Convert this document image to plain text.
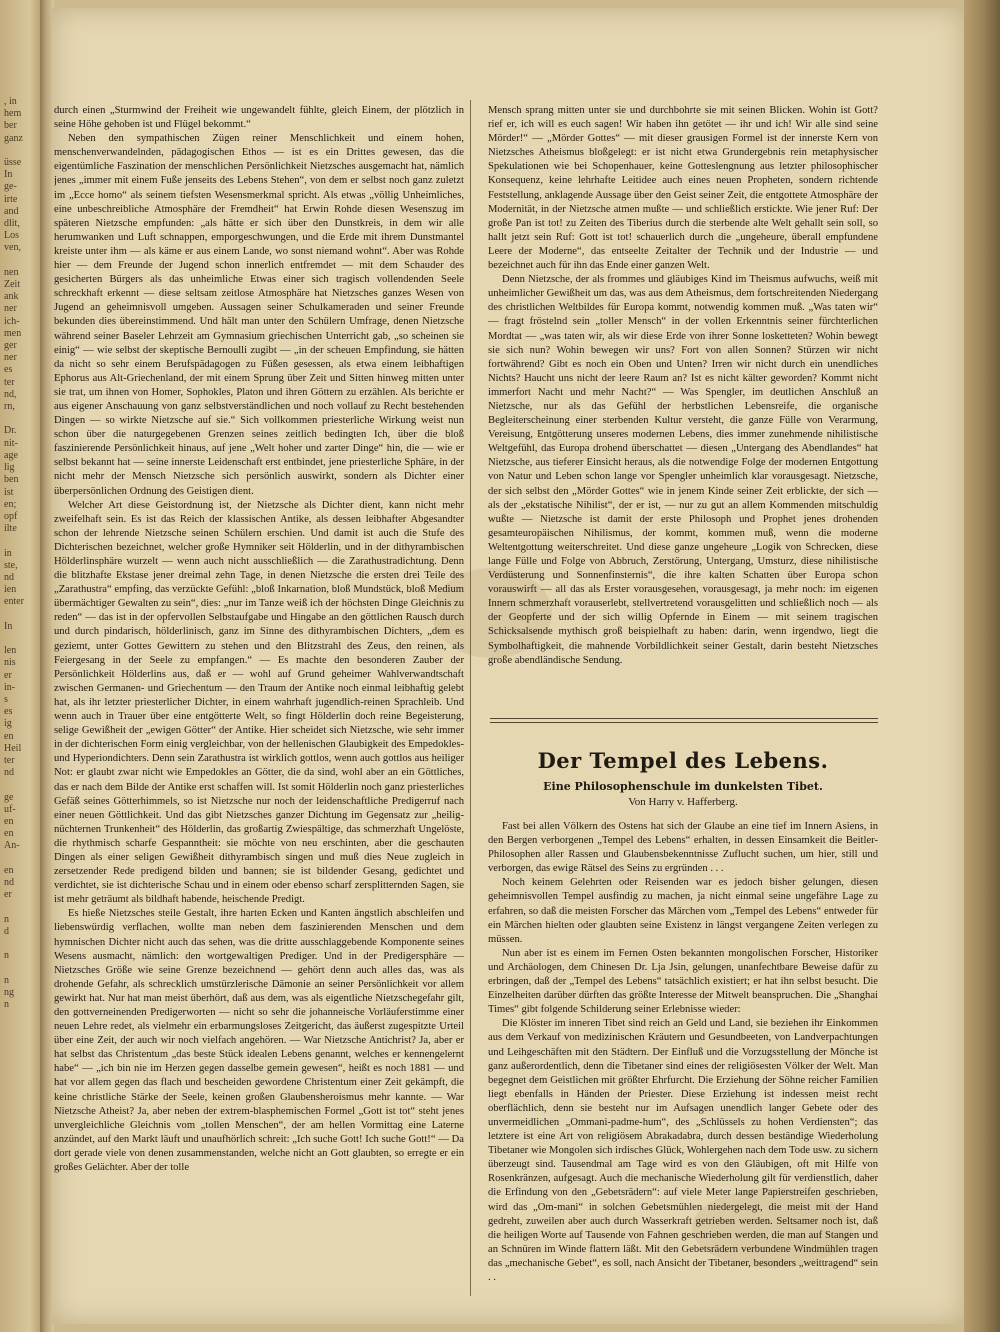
, in
hem
ber
ganz

üsse
In
ge-
irte
and
dlit,
Los
ven,

nen
Zeit
ank
ner
ich-
men
ger
ner
es
ter
nd,
rn,

Dr.
nit-
age
lig
ben
ist
en;
opf
ilte

in
ste,
nd
ien
enter

In

len
nis
er
in-
s
es
ig
en
Heil
ter
nd

ge
uf-
en
en
An-

en
nd
er

n
d

n

n
ng
n

durch einen „Sturmwind der Freiheit wie ungewandelt fühlte, gleich Einem, der plötzlich in seine Höhe gehoben ist und Flügel bekommt.“

Neben den sympathischen Zügen reiner Menschlichkeit und einem hohen, menschenverwandelnden, pädagogischen Ethos — ist es ein Drittes gewesen, das die eigentümliche Faszination der menschlichen Persönlichkeit Nietzsches ausgemacht hat, nämlich jenes „immer mit einem Fuße jenseits des Lebens Stehen“, von dem er selbst noch ganz zuletzt im „Ecce homo“ als seinem tiefsten Wesensmerkmal spricht. Als etwas „völlig Unheimliches, eine unbeschreibliche Atmosphäre der Fremdheit“ hat Erwin Rohde diesen Wesenszug im späteren Nietzsche empfunden: „als hätte er sich über den Dunstkreis, in dem wir alle herumwanken und Luft schnappen, emporgeschwungen, und die Erde mit ihrem Dunstmantel kreiste unter ihm — als käme er aus einem Lande, wo sonst niemand wohnt“. Aber was Rohde hier — dem Freunde der Jugend schon innerlich entfremdet — mit dem Schauder des gesicherten Bürgers als das unheimliche Etwas einer sich tragisch vollendenden Seele schreckhaft erkennt — diese seltsam zeitlose Atmosphäre hat Nietzsches ganzes Wesen von Jugend an geheimnisvoll umgeben. Aussagen seiner Schulkameraden und seiner Freunde bekunden dies übereinstimmend. Und hält man unter den Schülern Umfrage, denen Nietzsche während seiner Baseler Lehrzeit am Gymnasium griechischen Unterricht gab, „so scheinen sie einig“ — wie selbst der skeptische Bernoulli zugibt — „in der scheuen Empfindung, sie hätten da nicht so sehr einem Berufspädagogen zu Füßen gesessen, als etwa einem leibhaftigen Ephorus aus Alt-Griechenland, der mit einem Sprung über Zeit und Sitten hinweg mitten unter sie trat, um ihnen von Homer, Sophokles, Platon und ihren Göttern zu erzählen. Als berichte er aus eigener Anschauung von ganz selbstverständlichen und noch vollauf zu Recht bestehenden Dingen — so wirkte Nietzsche auf sie.“ Sich vollkommen priesterliche Wirkung weist nun schon über die naturgegebenen Grenzen seines zeitlich bedingten Ich, über die bloß faszinierende Persönlichkeit hinaus, auf jene „Welt hoher und zarter Dinge“ hin, die — wie er selbst bekannt hat — seine innerste Leidenschaft erst entbindet, jene priesterliche Sphäre, in der nicht mehr der Mensch Nietzsche sich persönlich auswirkt, sondern als Dichter einer überpersönlichen Ordnung des Geistigen dient.

Welcher Art diese Geistordnung ist, der Nietzsche als Dichter dient, kann nicht mehr zweifelhaft sein. Es ist das Reich der klassischen Antike, als dessen leibhafter Abgesandter schon der lehrende Nietzsche seinen Schülern erschien. Und damit ist auch die Stufe des Dichterischen bezeichnet, welcher große Hymniker seit Hölderlin, und in der dithyrambischen Hölderlinsphäre wurzelt — wenn auch nicht ausschließlich — die Zarathustradichtung. Denn die blitzhafte Ekstase jener dreimal zehn Tage, in denen Nietzsche die ersten drei Teile des „Zarathustra“ empfing, das verzückte Gefühl: „bloß Inkarnation, bloß Mundstück, bloß Medium übermächtiger Gewalten zu sein“, dies: „nur im Tanze weiß ich der höchsten Dinge Gleichnis zu reden“ — das ist in der opfervollen Selbstaufgabe und Hingabe an den göttlichen Rausch durch und durch pindarisch, hölderlinisch, ganz im Sinne des dithyrambischen Dichters, „dem es geziemt, unter Gottes Gewittern zu stehen und den Blitzstrahl des Zeus, den reinen, als Feiergesang in der Seele zu empfangen.“ — Es machte den besonderen Zauber der Persönlichkeit Hölderlins aus, daß er — wohl auf Grund geheimer Wahlverwandtschaft zwischen Germanen- und Griechentum — den Traum der Antike noch einmal leibhaftig gelebt hat, als ihr letzter priesterlicher Dichter, in einem wahrhaft jugendlich-reinen Sprachleib. Und wenn auch in Trauer über eine entgötterte Welt, so fingt Hölderlin doch reine Begeisterung, selige Gewißheit der „ewigen Götter“ der Antike. Hier scheidet sich Nietzsche, wie sehr immer in der dichterischen Form einig vergleichbar, von der hellenischen Glaubigkeit des Empedokles- und Hyperiondichters. Denn sein Zarathustra ist wirklich gottlos, wenn auch gottlos aus heiliger Not: er glaubt zwar nicht wie Empedokles an Götter, die da sind, wohl aber an ein Göttliches, das er nach dem Bilde der Antike erst schaffen will. Ist somit Hölderlin noch ganz priesterliches Gefäß seines Götterhimmels, so ist Nietzsche nur noch der leidenschaftliche Predigerruf nach einer neuen Göttlichkeit. Und das gibt Nietzsches ganzer Dichtung im Gegensatz zur „heilig-nüchternen Trunkenheit“ des Hölderlin, das großartig Zwiespältige, das schmerzhaft Ungelöste, die rhythmisch scharfe Gespanntheit: sie möchte von neu erschinten, aber die geschauten Dingen als einer seligen Gewißheit dithyrambisch singen und muß dies Neue zugleich in zersetzender Rede predigend bilden und bannen; sie ist bildender Gesang, gedichtet und verdichtet, sie ist dichterische Schau und in einem oder ebenso scharf zersplitternden Sagen, sie ist mehr geträumt als bildhaft habende, heischende Predigt.

Es hieße Nietzsches steile Gestalt, ihre harten Ecken und Kanten ängstlich abschleifen und liebenswürdig verflachen, wollte man neben dem faszinierenden Menschen und dem hymnischen Dichter nicht auch das sehen, was die dritte ausschlaggebende Komponente seines Wesens ausmacht, nämlich: den wortgewaltigen Prediger. Und in der Predigersphäre — Nietzsches Größe wie seine Grenze bezeichnend — gehört denn auch alles das, was als drohende Gefahr, als schrecklich umstürzlerische Dämonie an seiner Persönlichkeit vor allem gewirkt hat. Nur hat man meist überhört, daß aus dem, was als eigentliche Nietzschegefahr gilt, den gottverneinenden Predigerworten — nicht so sehr die johanneische Vorläuferstimme einer neuen Lehre redet, als vielmehr ein erbarmungsloses Zeitgericht, das äußerst zugespitzte Urteil über eine Zeit, der auch wir noch vielfach angehören. — War Nietzsche Antichrist? Ja, aber er hat selbst das Christentum „das beste Stück idealen Lebens genannt, welches er kennengelernt habe“ — „ich bin nie im Herzen gegen dasselbe gemein gewesen“, heißt es noch 1881 — und hat vor allem gegen das flach und bescheiden gewordene Christentum einer Zeit gekämpft, die keine christliche Stärke der Seele, keinen großen Glaubensheroismus mehr kannte. — War Nietzsche Atheist? Ja, aber neben der extrem-blasphemischen Formel „Gott ist tot“ steht jenes unvergleichliche Gleichnis vom „tollen Menschen“, der am hellen Vormittag eine Laterne anzündet, auf den Markt läuft und unaufhörlich schreit: „Ich suche Gott! Ich suche Gott!“ — Da dort gerade viele von denen zusammenstanden, welche nicht an Gott glaubten, so erregte er ein großes Gelächter. Aber der tolle

Mensch sprang mitten unter sie und durchbohrte sie mit seinen Blicken. Wohin ist Gott? rief er, ich will es euch sagen! Wir haben ihn getötet — ihr und ich! Wir alle sind seine Mörder!“ — „Mörder Gottes“ — mit dieser grausigen Formel ist der innerste Kern von Nietzsches Atheismus bloßgelegt: er ist nicht etwa Grundergebnis rein metaphysischer Spekulationen wie bei Schopenhauer, keine Gotteslengnung aus letzter philosophischer Konsequenz, keine lehrhafte Leitidee auch eines neuen Propheten, sondern richtende Feststellung, anklagende Aussage über den Geist seiner Zeit, die entgottete Atmosphäre der Modernität, in der Nietzsche atmen mußte — und schließlich erstickte. Wie jener Ruf: Der große Pan ist tot! zu Zeiten des Tiberius durch die sterbende alte Welt gehallt sein soll, so hallt jetzt sein Ruf: Gott ist tot! schauerlich durch die „ungeheure, überall empfundene Leere der Moderne“, das entseelte Zeitalter der Technik und der Industrie — und bezeichnet auch für ihn das Ende einer ganzen Welt.

Denn Nietzsche, der als frommes und gläubiges Kind im Theismus aufwuchs, weiß mit unheimlicher Gewißheit um das, was aus dem Atheismus, dem fortschreitenden Niedergang des christlichen Weltbildes für Europa kommt, notwendig kommen muß. „Was taten wir“ — fragt fröstelnd sein „toller Mensch“ in der vollen Erkenntnis seiner fürchterlichen Mordtat — „was taten wir, als wir diese Erde von ihrer Sonne losketteten? Wohin bewegt sie sich nun? Wohin bewegen wir uns? Fort von allen Sonnen? Stürzen wir nicht fortwährend? Gibt es noch ein Oben und Unten? Irren wir nicht durch ein unendliches Nichts? Haucht uns nicht der leere Raum an? Ist es nicht kälter geworden? Kommt nicht immerfort Nacht und mehr Nacht?“ — Was Spengler, im deutlichen Anschluß an Nietzsche, nur als das Gefühl der herbstlichen Lebensreife, die organische Begleiterscheinung einer sterbenden Kultur versteht, die ganze Fülle von Verarmung, Vereisung, Entgötterung unseres modernen Lebens, dies immer zunehmende nihilistische Weltgefühl, das Europa drohend überschattet — diesen „Untergang des Abendlandes“ hat Nietzsche, aus tieferer Einsicht heraus, als die notwendige Folge der modernen Entgottung von Natur und Leben schon lange vor Spengler unheimlich klar vorausgesagt. Nietzsche, der sich selbst den „Mörder Gottes“ wie in jenem Kinde seiner Zeit erblickte, der sich — als der „ekstatische Nihilist“, der er ist, — nur zu gut an allem Kommenden mitschuldig wußte — Nietzsche ist damit der erste Philosoph und Prophet jenes drohenden gesamteuropäischen Nihilismus, der kommt, kommen muß, wenn die moderne Weltentgottung weiterschreitet. Und diese ganze ungeheure „Logik von Schrecken, diese lange Fülle und Folge von Abbruch, Zerstörung, Untergang, Umsturz, diese nihilistische Verdüsterung und Sonnenfinsternis“, die ihre kalten Schatten über Europa schon vorauswirft — all das als Erster vorausgesehen, vorausgesagt, ja mehr noch: im eigenen Innern schmerzhaft vorauserlebt, stellvertretend vorausgelitten und schließlich noch — als der Geopferte und der sich willig Opfernde in Einem — mit seinem tragischen Schicksalsende mythisch groß beispielhaft zu haben: darin, wenn irgendwo, liegt die Symbolhaftigkeit, die mahnende Vorbildlichkeit seiner Gestalt, darin besteht Nietzsches große abendländische Sendung.

Der Tempel des Lebens.
Eine Philosophenschule im dunkelsten Tibet.
Von Harry v. Hafferberg.

Fast bei allen Völkern des Ostens hat sich der Glaube an eine tief im Innern Asiens, in den Bergen verborgenen „Tempel des Lebens“ erhalten, in dessen Einsamkeit die Beitler-Philosophen aller Rassen und Glaubensbekenntnisse Zuflucht suchen, um hier, still und verborgen, das ewige Rätsel des Seins zu ergründen . . .

Noch keinem Gelehrten oder Reisenden war es jedoch bisher gelungen, diesen geheimnisvollen Tempel ausfindig zu machen, ja nicht einmal seine ungefähre Lage zu erfahren, so daß die meisten Forscher das Märchen vom „Tempel des Lebens“ entweder für ein Märchen hielten oder glaubten seine Existenz in längst vergangene Zeiten verlegen zu müssen.

Nun aber ist es einem im Fernen Osten bekannten mongolischen Forscher, Historiker und Archäologen, dem Chinesen Dr. Lja Jsin, gelungen, unanfechtbare Beweise dafür zu erbringen, daß der „Tempel des Lebens“ tatsächlich existiert; er hat ihn selbst besucht. Die Einzelheiten darüber dürften das größte Interesse der Mitwelt beanspruchen. Die „Shanghai Times“ gibt folgende Schilderung seiner Erlebnisse wieder:

Die Klöster im inneren Tibet sind reich an Geld und Land, sie beziehen ihr Einkommen aus dem Verkauf von medizinischen Kräutern und Gesundbeeten, von Landverpachtungen und Leihgeschäften mit den Städtern. Der Einfluß und die Vorzugsstellung der Mönche ist ganz außerordentlich, denn die Tibetaner sind eines der religiösesten Völker der Welt. Man begegnet dem Geistlichen mit größter Ehrfurcht. Die Erziehung der Söhne reicher Familien liegt ebenfalls in Händen der Priester. Diese Erziehung ist indessen meist recht oberflächlich, denn sie besteht nur im Aufsagen unendlich langer Gebete oder des unvermeidlichen „Ommani-padme-hum“, des „Schlüssels zu hohen Verdiensten“; das letztere ist eine Art von religiösem Abrakadabra, durch dessen beständige Wiederholung Tibetaner wie Mongolen sich irdisches Glück, Wohlergehen nach dem Tode usw. zu sichern überzeugt sind. Tausendmal am Tage wird es von den Gläubigen, oft mit Hilfe von Rosenkränzen, aufgesagt. Auch die mechanische Wiederholung gilt für verdienstlich, daher die Erfindung von den „Gebetsrädern“: auf viele Meter lange Papierstreifen geschrieben, wird das „Om-mani“ in solchen Gebetsmühlen niedergelegt, die meist mit der Hand gedreht, zuweilen aber auch durch Wasserkraft getrieben werden. Seltsamer noch ist, daß die heiligen Worte auf Tausende von Fahnen geschrieben werden, die man auf Stangen und an Schnüren im Winde flattern läßt. Mit den Gebetsrädern verbundene Windmühlen tragen das „mechanische Gebet“, es soll, nach Ansicht der Tibetaner, besonders „weittragend“ sein . .
